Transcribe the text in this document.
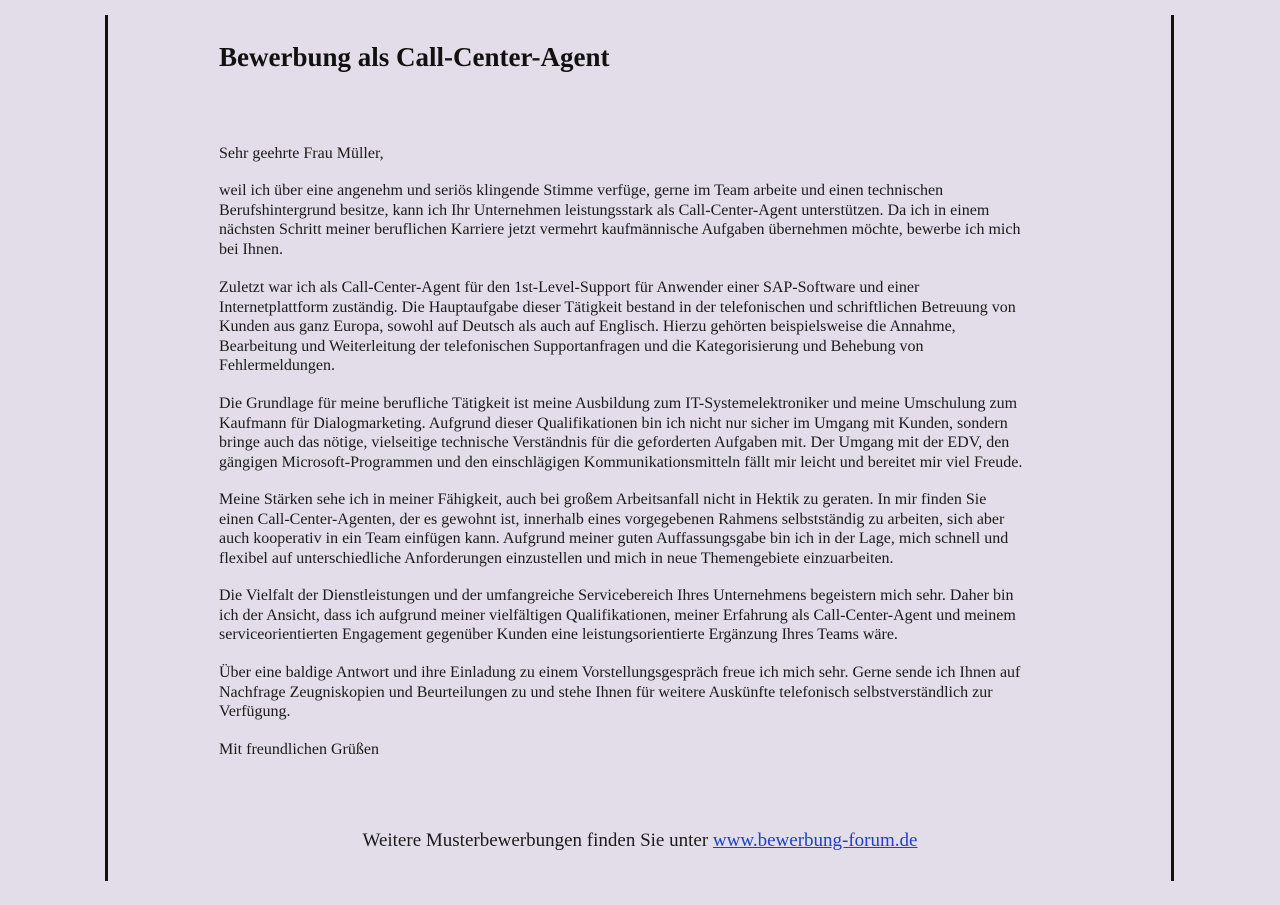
Bewerbung als Call-Center-Agent

Sehr geehrte Frau Müller,

weil ich über eine angenehm und seriös klingende Stimme verfüge, gerne im Team arbeite und einen technischen
Berufshintergrund besitze, kann ich Ihr Unternehmen leistungsstark als Call-Center-Agent unterstützen. Da ich in einem
nächsten Schritt meiner beruflichen Karriere jetzt vermehrt kaufmännische Aufgaben übernehmen möchte, bewerbe ich mich
bei Ihnen.

Zuletzt war ich als Call-Center-Agent für den 1st-Level-Support für Anwender einer SAP-Software und einer
Internetplattform zuständig. Die Hauptaufgabe dieser Tätigkeit bestand in der telefonischen und schriftlichen Betreuung von
Kunden aus ganz Europa, sowohl auf Deutsch als auch auf Englisch. Hierzu gehörten beispielsweise die Annahme,
Bearbeitung und Weiterleitung der telefonischen Supportanfragen und die Kategorisierung und Behebung von
Fehlermeldungen.

Die Grundlage für meine berufliche Tätigkeit ist meine Ausbildung zum IT-Systemelektroniker und meine Umschulung zum
Kaufmann für Dialogmarketing. Aufgrund dieser Qualifikationen bin ich nicht nur sicher im Umgang mit Kunden, sondern
bringe auch das nötige, vielseitige technische Verständnis für die geforderten Aufgaben mit. Der Umgang mit der EDV, den
gängigen Microsoft-Programmen und den einschlägigen Kommunikationsmitteln fällt mir leicht und bereitet mir viel Freude.

Meine Stärken sehe ich in meiner Fähigkeit, auch bei großem Arbeitsanfall nicht in Hektik zu geraten. In mir finden Sie
einen Call-Center-Agenten, der es gewohnt ist, innerhalb eines vorgegebenen Rahmens selbstständig zu arbeiten, sich aber
auch kooperativ in ein Team einfügen kann. Aufgrund meiner guten Auffassungsgabe bin ich in der Lage, mich schnell und
flexibel auf unterschiedliche Anforderungen einzustellen und mich in neue Themengebiete einzuarbeiten.

Die Vielfalt der Dienstleistungen und der umfangreiche Servicebereich Ihres Unternehmens begeistern mich sehr. Daher bin
ich der Ansicht, dass ich aufgrund meiner vielfältigen Qualifikationen, meiner Erfahrung als Call-Center-Agent und meinem
serviceorientierten Engagement gegenüber Kunden eine leistungsorientierte Ergänzung Ihres Teams wäre.

Über eine baldige Antwort und ihre Einladung zu einem Vorstellungsgespräch freue ich mich sehr. Gerne sende ich Ihnen auf
Nachfrage Zeugniskopien und Beurteilungen zu und stehe Ihnen für weitere Auskünfte telefonisch selbstverständlich zur
Verfügung.

Mit freundlichen Grüßen

Weitere Musterbewerbungen finden Sie unter www.bewerbung-forum.de
